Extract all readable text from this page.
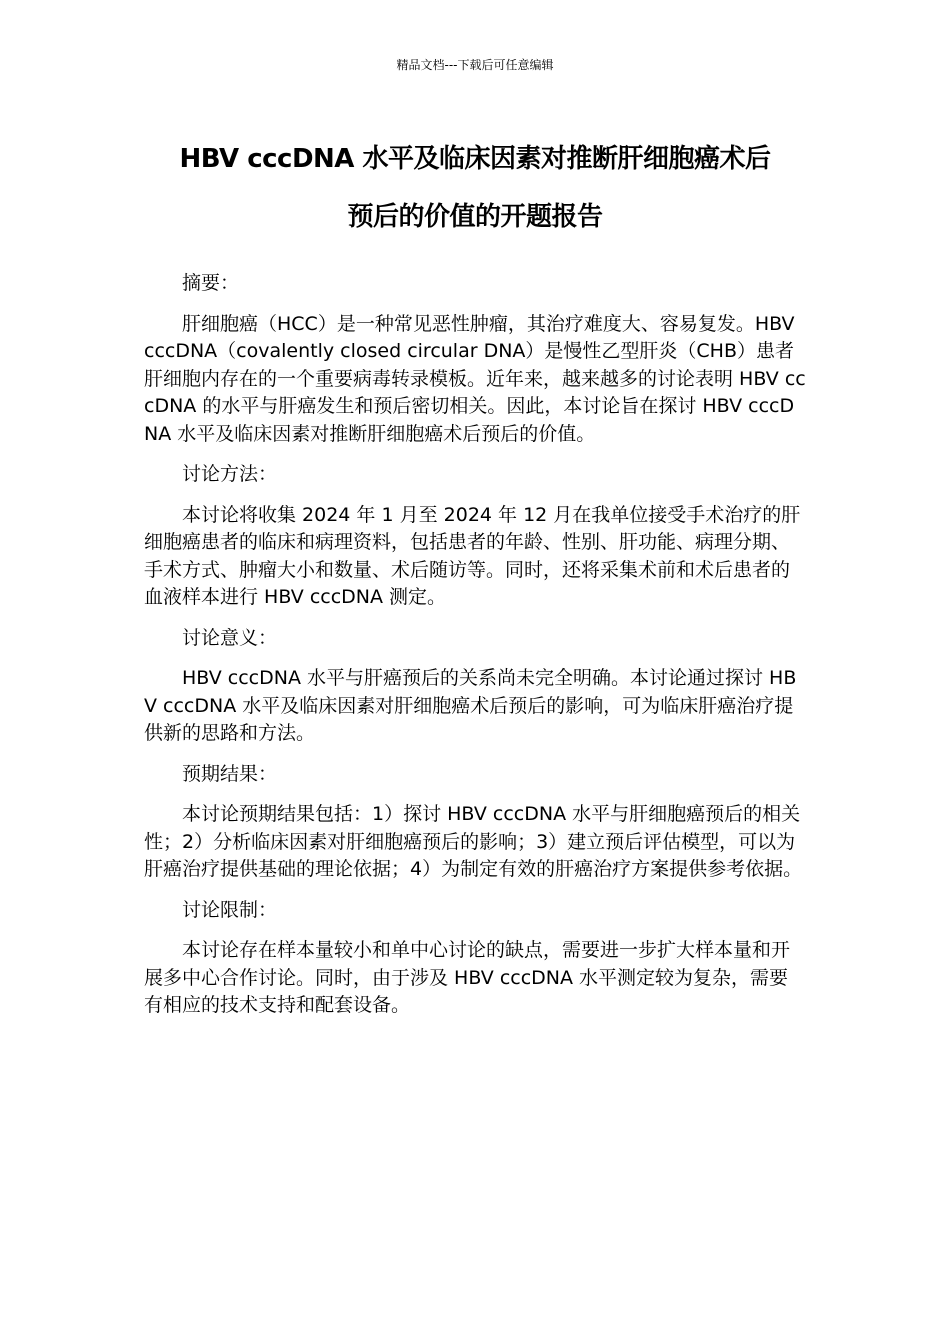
精品文档---下载后可任意编辑
HBV cccDNA 水平及临床因素对推断肝细胞癌术后
预后的价值的开题报告

摘要：

肝细胞癌（HCC）是一种常见恶性肿瘤，其治疗难度大、容易复发。HBV cccDNA（covalently closed circular DNA）是慢性乙型肝炎（CHB）患者肝细胞内存在的一个重要病毒转录模板。近年来，越来越多的讨论表明 HBV cccDNA 的水平与肝癌发生和预后密切相关。因此，本讨论旨在探讨 HBV cccDNA 水平及临床因素对推断肝细胞癌术后预后的价值。

讨论方法：

本讨论将收集 2024 年 1 月至 2024 年 12 月在我单位接受手术治疗的肝细胞癌患者的临床和病理资料，包括患者的年龄、性别、肝功能、病理分期、手术方式、肿瘤大小和数量、术后随访等。同时，还将采集术前和术后患者的血液样本进行 HBV cccDNA 测定。

讨论意义：

HBV cccDNA 水平与肝癌预后的关系尚未完全明确。本讨论通过探讨 HBV cccDNA 水平及临床因素对肝细胞癌术后预后的影响，可为临床肝癌治疗提供新的思路和方法。

预期结果：

本讨论预期结果包括：1）探讨 HBV cccDNA 水平与肝细胞癌预后的相关性；2）分析临床因素对肝细胞癌预后的影响；3）建立预后评估模型，可以为肝癌治疗提供基础的理论依据；4）为制定有效的肝癌治疗方案提供参考依据。

讨论限制：

本讨论存在样本量较小和单中心讨论的缺点，需要进一步扩大样本量和开展多中心合作讨论。同时，由于涉及 HBV cccDNA 水平测定较为复杂，需要有相应的技术支持和配套设备。
